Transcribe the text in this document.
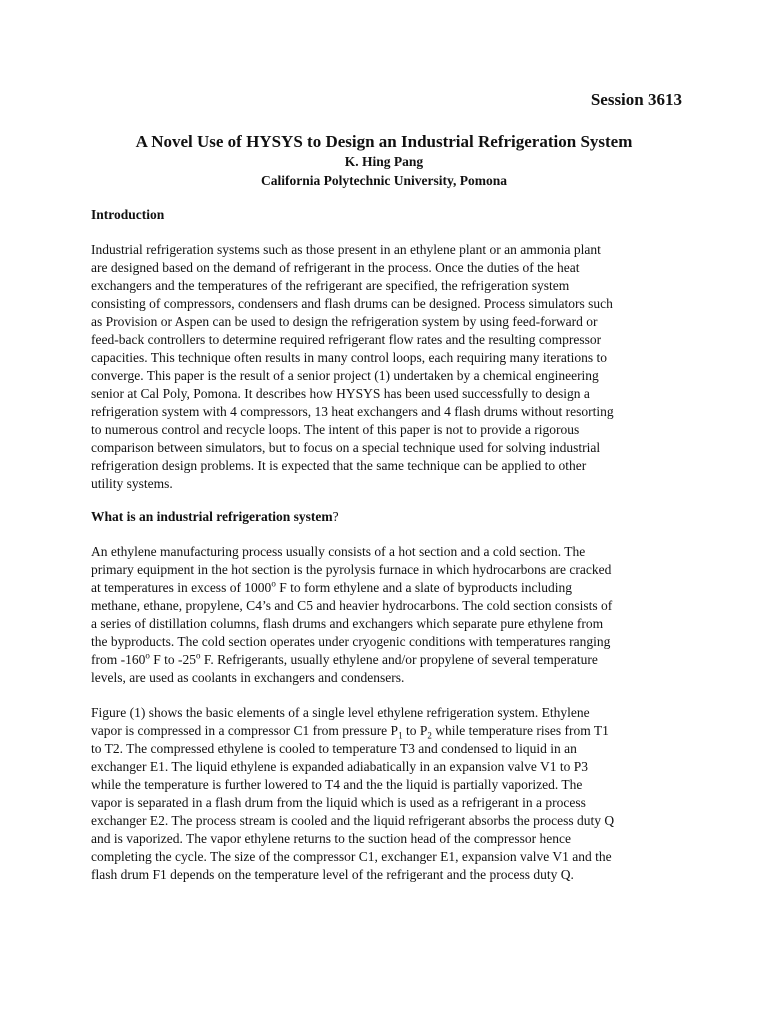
Session 3613

A Novel Use of HYSYS to Design an Industrial Refrigeration System

K. Hing Pang

California Polytechnic University, Pomona

Introduction

Industrial refrigeration systems such as those present in an ethylene plant or an ammonia plant
are designed based on the demand of refrigerant in the process. Once the duties of the heat
exchangers and the temperatures of the refrigerant are specified, the refrigeration system
consisting of compressors, condensers and flash drums can be designed. Process simulators such
as Provision or Aspen can be used to design the refrigeration system by using feed-forward or
feed-back controllers to determine required refrigerant flow rates and the resulting compressor
capacities. This technique often results in many control loops, each requiring many iterations to
converge. This paper is the result of a senior project (1) undertaken by a chemical engineering
senior at Cal Poly, Pomona. It describes how HYSYS has been used successfully to design a
refrigeration system with 4 compressors, 13 heat exchangers and 4 flash drums without resorting
to numerous control and recycle loops. The intent of this paper is not to provide a rigorous
comparison between simulators, but to focus on a special technique used for solving industrial
refrigeration design problems. It is expected that the same technique can be applied to other
utility systems.

What is an industrial refrigeration system?

An ethylene manufacturing process usually consists of a hot section and a cold section. The
primary equipment in the hot section is the pyrolysis furnace in which hydrocarbons are cracked
at temperatures in excess of 1000$^o$ F to form ethylene and a slate of byproducts including
methane, ethane, propylene, C4’s and C5 and heavier hydrocarbons. The cold section consists of
a series of distillation columns, flash drums and exchangers which separate pure ethylene from
the byproducts. The cold section operates under cryogenic conditions with temperatures ranging
from -160$^o$ F to -25$^o$ F. Refrigerants, usually ethylene and/or propylene of several temperature
levels, are used as coolants in exchangers and condensers.

Figure (1) shows the basic elements of a single level ethylene refrigeration system. Ethylene
vapor is compressed in a compressor C1 from pressure $P_1$ to $P_2$ while temperature rises from T1
to T2. The compressed ethylene is cooled to temperature T3 and condensed to liquid in an
exchanger E1. The liquid ethylene is expanded adiabatically in an expansion valve V1 to P3
while the temperature is further lowered to T4 and the the liquid is partially vaporized. The
vapor is separated in a flash drum from the liquid which is used as a refrigerant in a process
exchanger E2. The process stream is cooled and the liquid refrigerant absorbs the process duty Q
and is vaporized. The vapor ethylene returns to the suction head of the compressor hence
completing the cycle. The size of the compressor C1, exchanger E1, expansion valve V1 and the
flash drum F1 depends on the temperature level of the refrigerant and the process duty Q.
